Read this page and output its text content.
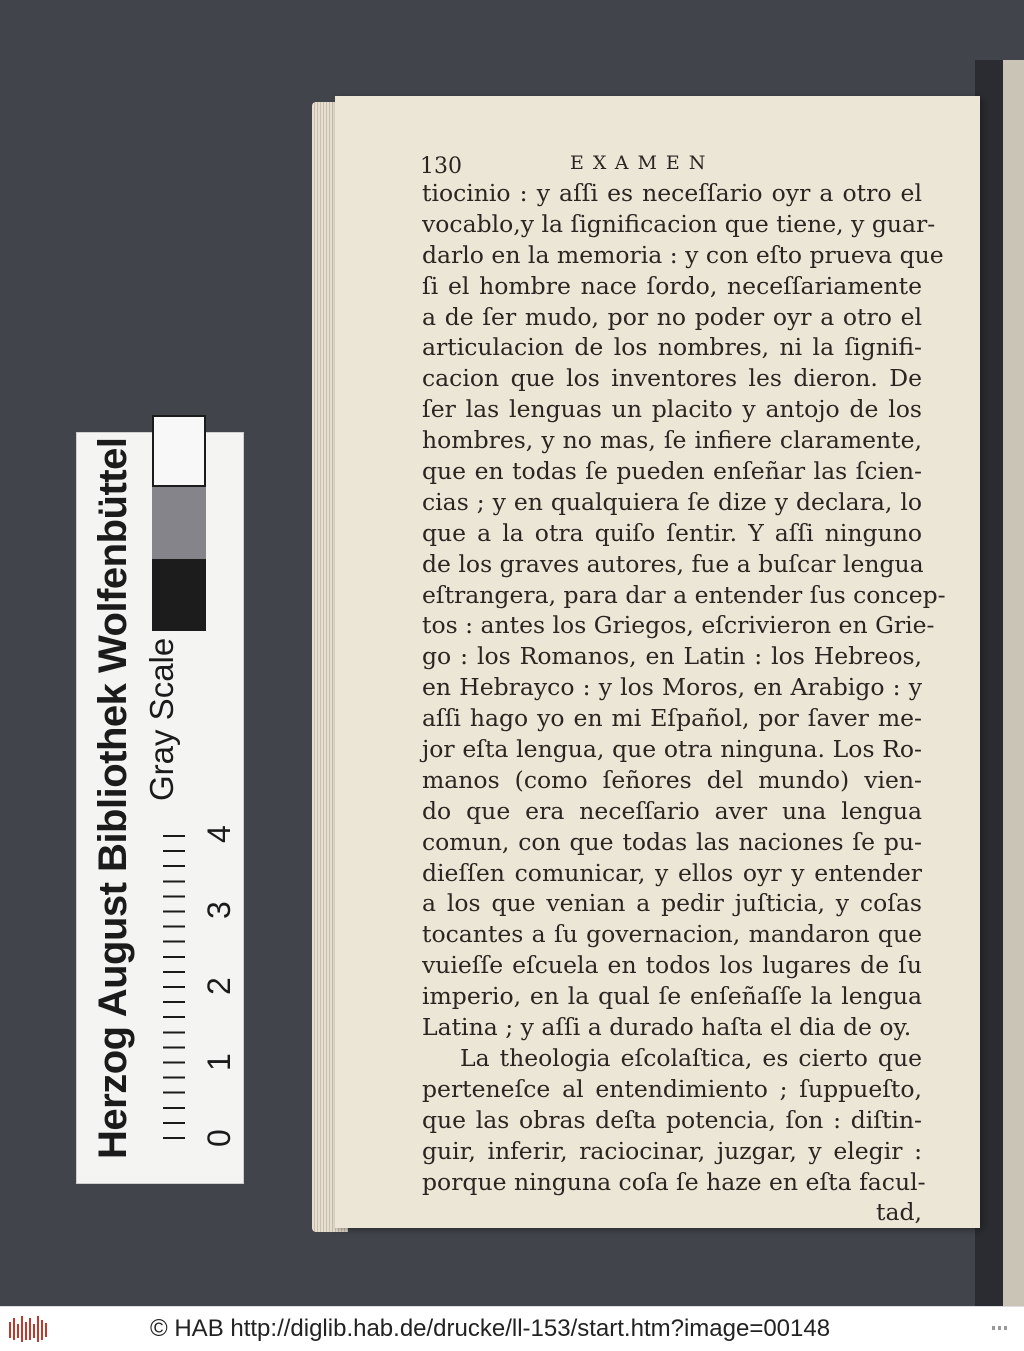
130	EXAMEN
tiocinio : y aſſi es neceſſario oyr a otro el
vocablo,y la ſignificacion que tiene, y guar-
darlo en la memoria : y con eſto prueva que
ſi el hombre nace ſordo, neceſſariamente
a de ſer mudo, por no poder oyr a otro el
articulacion de los nombres, ni la ſignifi-
cacion que los inventores les dieron. De
ſer las lenguas un placito y antojo de los
hombres, y no mas, ſe infiere claramente,
que en todas ſe pueden enſeñar las ſcien-
cias ; y en qualquiera ſe dize y declara, lo
que a la otra quiſo ſentir. Y aſſi ninguno
de los graves autores, fue a buſcar lengua
eſtrangera, para dar a entender ſus concep-
tos : antes los Griegos, eſcrivieron en Grie-
go : los Romanos, en Latin : los Hebreos,
en Hebrayco : y los Moros, en Arabigo : y
aſſi hago yo en mi Eſpañol, por ſaver me-
jor eſta lengua, que otra ninguna. Los Ro-
manos (como ſeñores del mundo) vien-
do que era neceſſario aver una lengua
comun, con que todas las naciones ſe pu-
dieſſen comunicar, y ellos oyr y entender
a los que venian a pedir juſticia, y coſas
tocantes a ſu governacion, mandaron que
vuieſſe eſcuela en todos los lugares de ſu
imperio, en la qual ſe enſeñaſſe la lengua
Latina ; y aſſi a durado haſta el dia de oy.
La theologia eſcolaſtica, es cierto que
perteneſce al entendimiento ; ſuppueſto,
que las obras deſta potencia, ſon : diſtin-
guir, inferir, raciocinar, juzgar, y elegir :
porque ninguna coſa ſe haze en eſta facul-
tad,
Herzog August Bibliothek Wolfenbüttel Gray Scale
0
1
2
3
4
© HAB http://diglib.hab.de/drucke/ll-153/start.htm?image=00148
